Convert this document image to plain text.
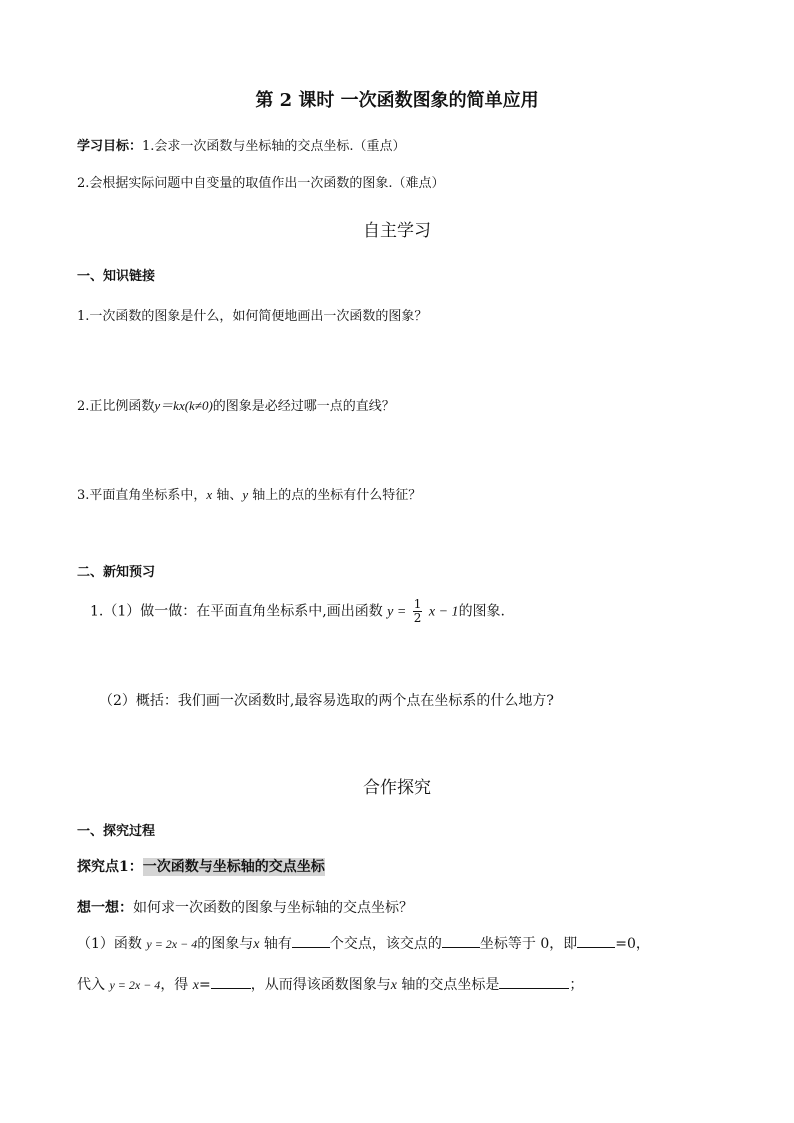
第 2 课时 一次函数图象的简单应用
学习目标：1.会求一次函数与坐标轴的交点坐标.（重点）
2.会根据实际问题中自变量的取值作出一次函数的图象.（难点）
自主学习
一、知识链接
1.一次函数的图象是什么，如何简便地画出一次函数的图象？
2.正比例函数y＝kx(k≠0)的图象是必经过哪一点的直线？
3.平面直角坐标系中，x 轴、y 轴上的点的坐标有什么特征？
二、新知预习
1.（1）做一做：在平面直角坐标系中,画出函数 $y = \frac{1}{2}$ x − 1的图象.
（2）概括：我们画一次函数时,最容易选取的两个点在坐标系的什么地方?
合作探究
一、探究过程
探究点1：一次函数与坐标轴的交点坐标
想一想：如何求一次函数的图象与坐标轴的交点坐标？
（1）函数 y = 2x − 4的图象与x 轴有	个交点，该交点的	坐标等于 0，即	=0，
代入 y = 2x − 4，得 x=	，从而得该函数图象与x 轴的交点坐标是	；
